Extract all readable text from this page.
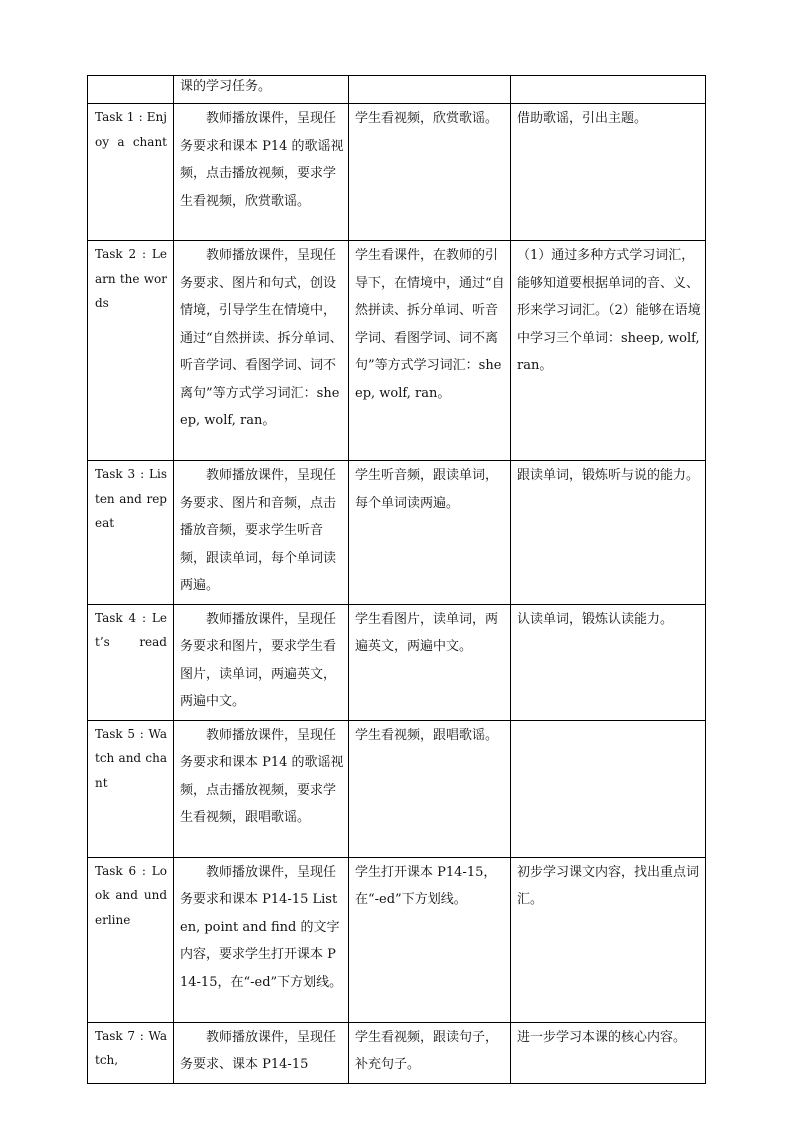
	课的学习任务。		

Task 1 : Enjoy a chant	教师播放课件，呈现任务要求和课本 P14 的歌谣视频，点击播放视频，要求学生看视频，欣赏歌谣。	学生看视频，欣赏歌谣。	借助歌谣，引出主题。

Task 2 : Learn the words	教师播放课件，呈现任务要求、图片和句式，创设情境，引导学生在情境中，通过“自然拼读、拆分单词、听音学词、看图学词、词不离句”等方式学习词汇：sheep, wolf, ran。	学生看课件，在教师的引导下，在情境中，通过“自然拼读、拆分单词、听音学词、看图学词、词不离句”等方式学习词汇：sheep, wolf, ran。	（1）通过多种方式学习词汇，能够知道要根据单词的音、义、形来学习词汇。（2）能够在语境中学习三个单词：sheep, wolf, ran。

Task 3 : Listen and repeat	教师播放课件，呈现任务要求、图片和音频，点击播放音频，要求学生听音频，跟读单词，每个单词读两遍。	学生听音频，跟读单词，每个单词读两遍。	跟读单词，锻炼听与说的能力。

Task 4 : Let’s read	教师播放课件，呈现任务要求和图片，要求学生看图片，读单词，两遍英文，两遍中文。	学生看图片，读单词，两遍英文，两遍中文。	认读单词，锻炼认读能力。

Task 5 : Watch and chant	教师播放课件，呈现任务要求和课本 P14 的歌谣视频，点击播放视频，要求学生看视频，跟唱歌谣。	学生看视频，跟唱歌谣。	

Task 6 : Look and underline	教师播放课件，呈现任务要求和课本 P14-15 Listen, point and find 的文字内容，要求学生打开课本 P14-15，在“-ed”下方划线。	学生打开课本 P14-15，在“-ed”下方划线。	初步学习课文内容，找出重点词汇。

Task 7 : Watch,	教师播放课件，呈现任务要求、课本 P14-15	学生看视频，跟读句子，补充句子。	进一步学习本课的核心内容。
